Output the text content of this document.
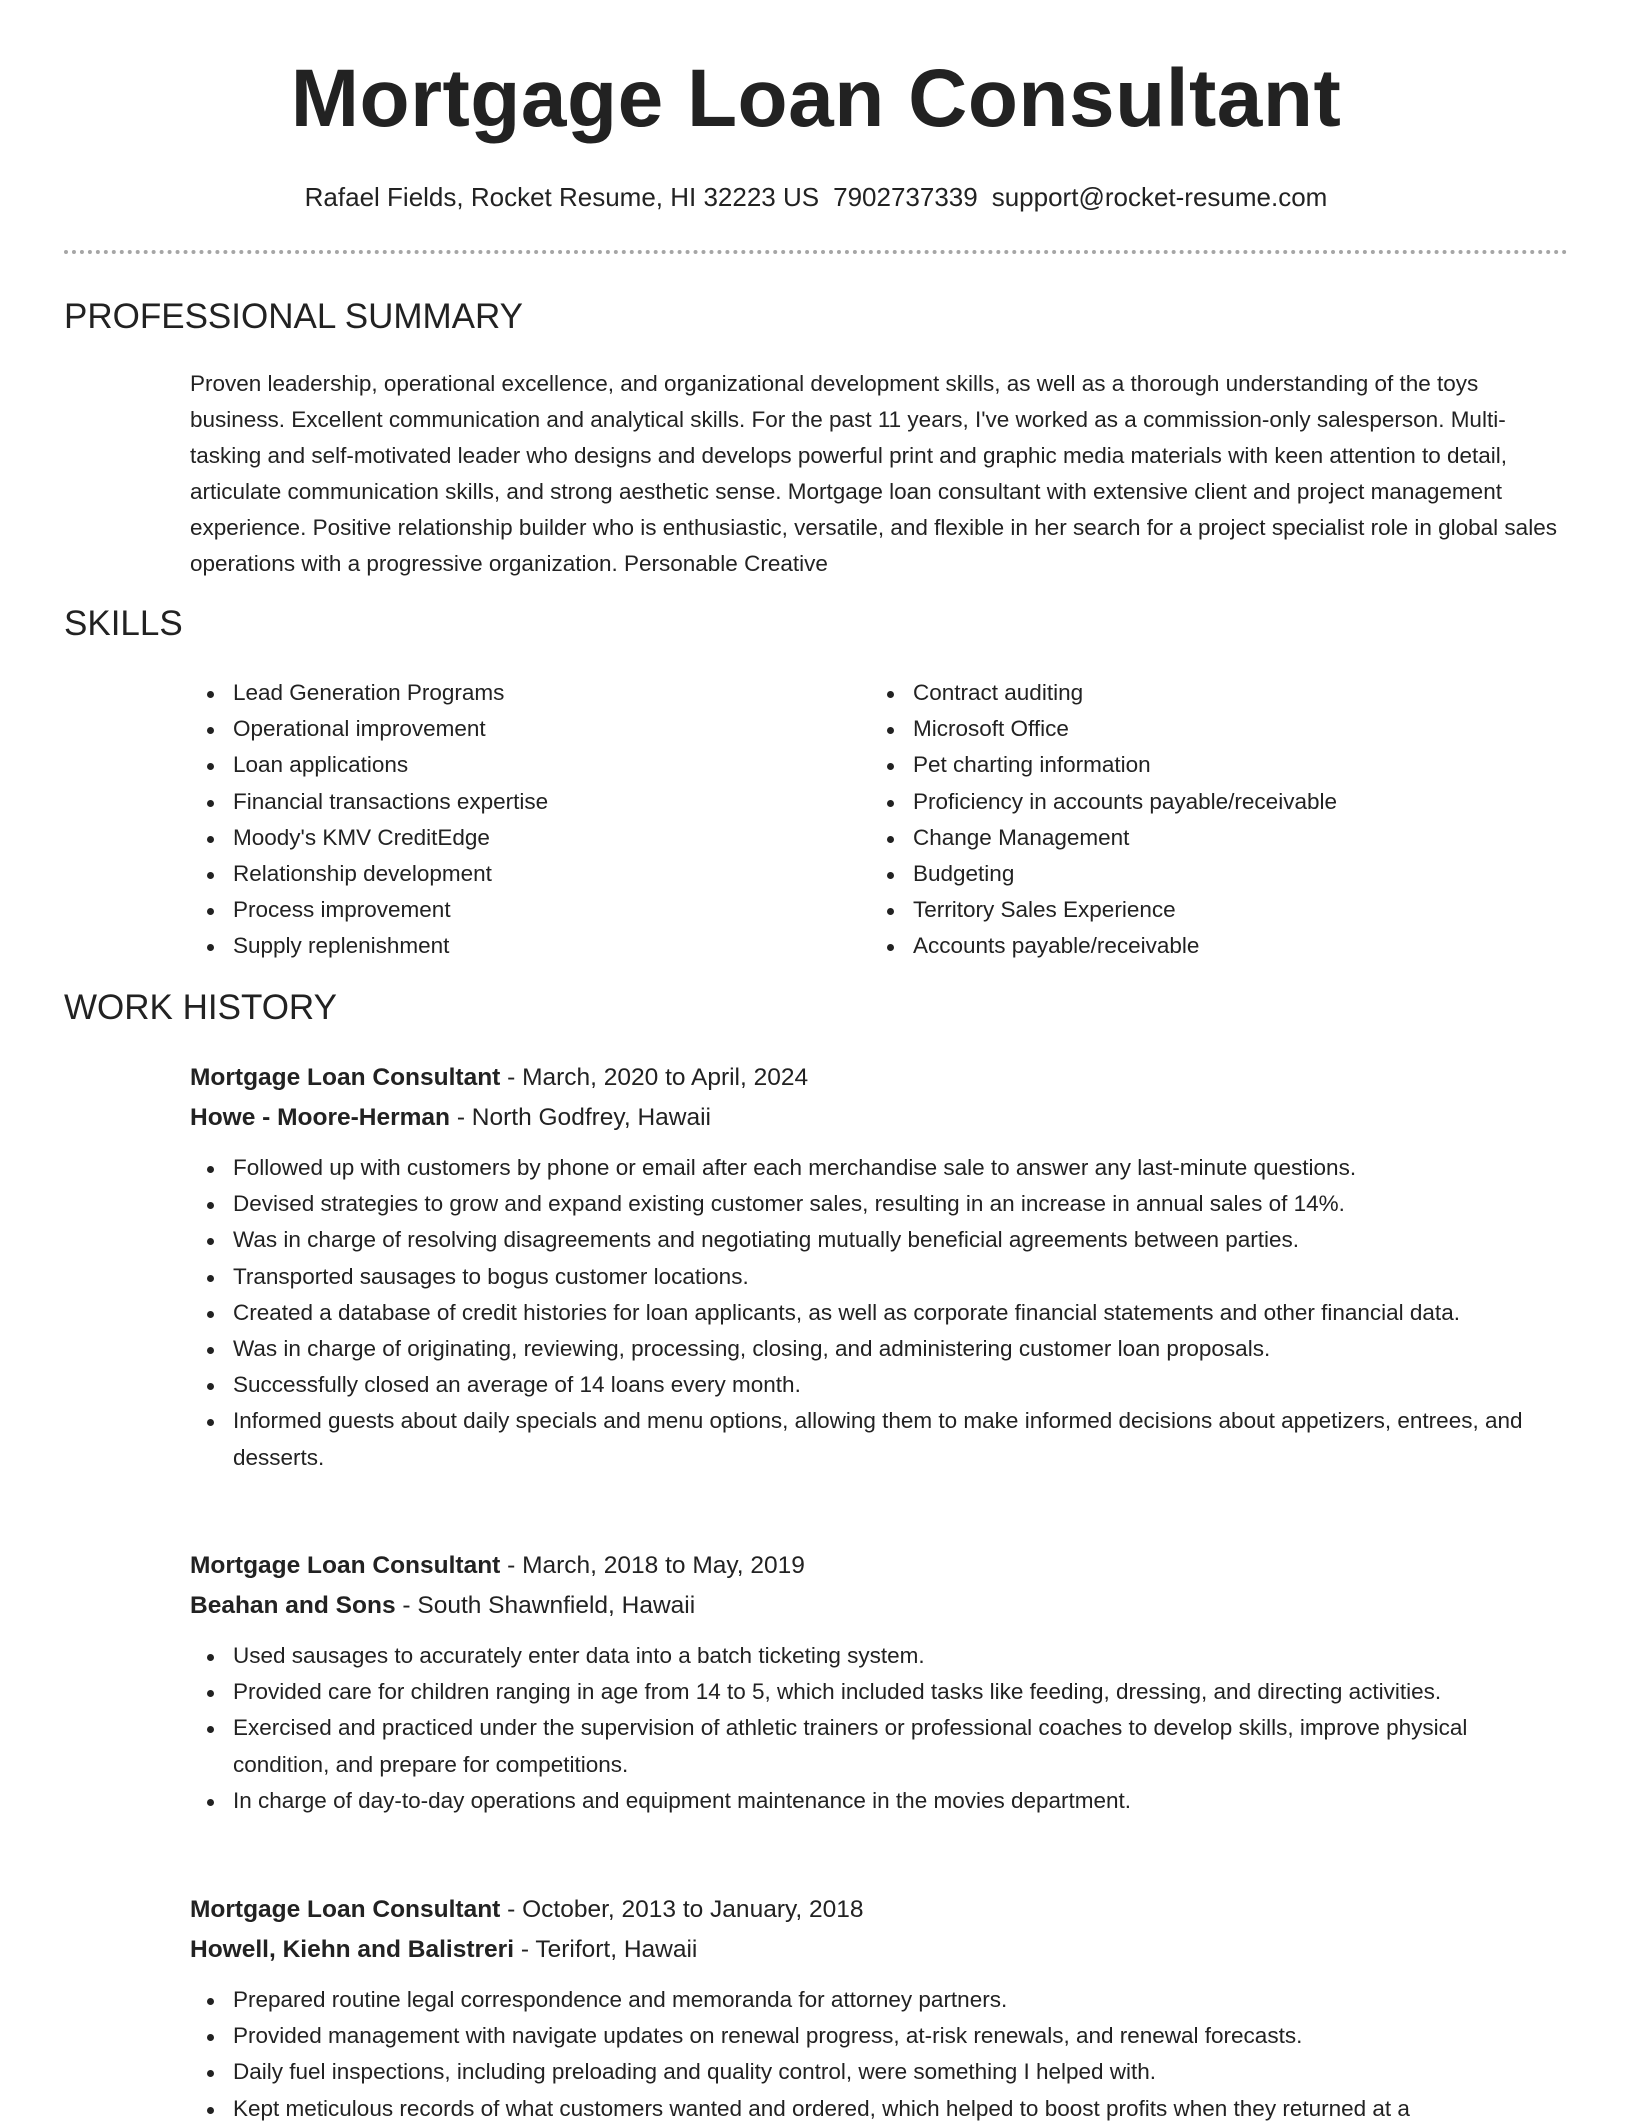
Mortgage Loan Consultant
Rafael Fields, Rocket Resume, HI 32223 US 7902737339 support@rocket-resume.com
PROFESSIONAL SUMMARY

Proven leadership, operational excellence, and organizational development skills, as well as a thorough understanding of the toys business. Excellent communication and analytical skills. For the past 11 years, I've worked as a commission-only salesperson. Multi-tasking and self-motivated leader who designs and develops powerful print and graphic media materials with keen attention to detail, articulate communication skills, and strong aesthetic sense. Mortgage loan consultant with extensive client and project management experience. Positive relationship builder who is enthusiastic, versatile, and flexible in her search for a project specialist role in global sales operations with a progressive organization. Personable Creative

SKILLS
Lead Generation Programs
Operational improvement
Loan applications
Financial transactions expertise
Moody's KMV CreditEdge
Relationship development
Process improvement
Supply replenishment
Contract auditing
Microsoft Office
Pet charting information
Proficiency in accounts payable/receivable
Change Management
Budgeting
Territory Sales Experience
Accounts payable/receivable
WORK HISTORY
Mortgage Loan Consultant - March, 2020 to April, 2024
Howe - Moore-Herman - North Godfrey, Hawaii
Followed up with customers by phone or email after each merchandise sale to answer any last-minute questions.
Devised strategies to grow and expand existing customer sales, resulting in an increase in annual sales of 14%.
Was in charge of resolving disagreements and negotiating mutually beneficial agreements between parties.
Transported sausages to bogus customer locations.
Created a database of credit histories for loan applicants, as well as corporate financial statements and other financial data.
Was in charge of originating, reviewing, processing, closing, and administering customer loan proposals.
Successfully closed an average of 14 loans every month.
Informed guests about daily specials and menu options, allowing them to make informed decisions about appetizers, entrees, and desserts.
Mortgage Loan Consultant - March, 2018 to May, 2019
Beahan and Sons - South Shawnfield, Hawaii
Used sausages to accurately enter data into a batch ticketing system.
Provided care for children ranging in age from 14 to 5, which included tasks like feeding, dressing, and directing activities.
Exercised and practiced under the supervision of athletic trainers or professional coaches to develop skills, improve physical condition, and prepare for competitions.
In charge of day-to-day operations and equipment maintenance in the movies department.
Mortgage Loan Consultant - October, 2013 to January, 2018
Howell, Kiehn and Balistreri - Terifort, Hawaii
Prepared routine legal correspondence and memoranda for attorney partners.
Provided management with navigate updates on renewal progress, at-risk renewals, and renewal forecasts.
Daily fuel inspections, including preloading and quality control, were something I helped with.
Kept meticulous records of what customers wanted and ordered, which helped to boost profits when they returned at a
